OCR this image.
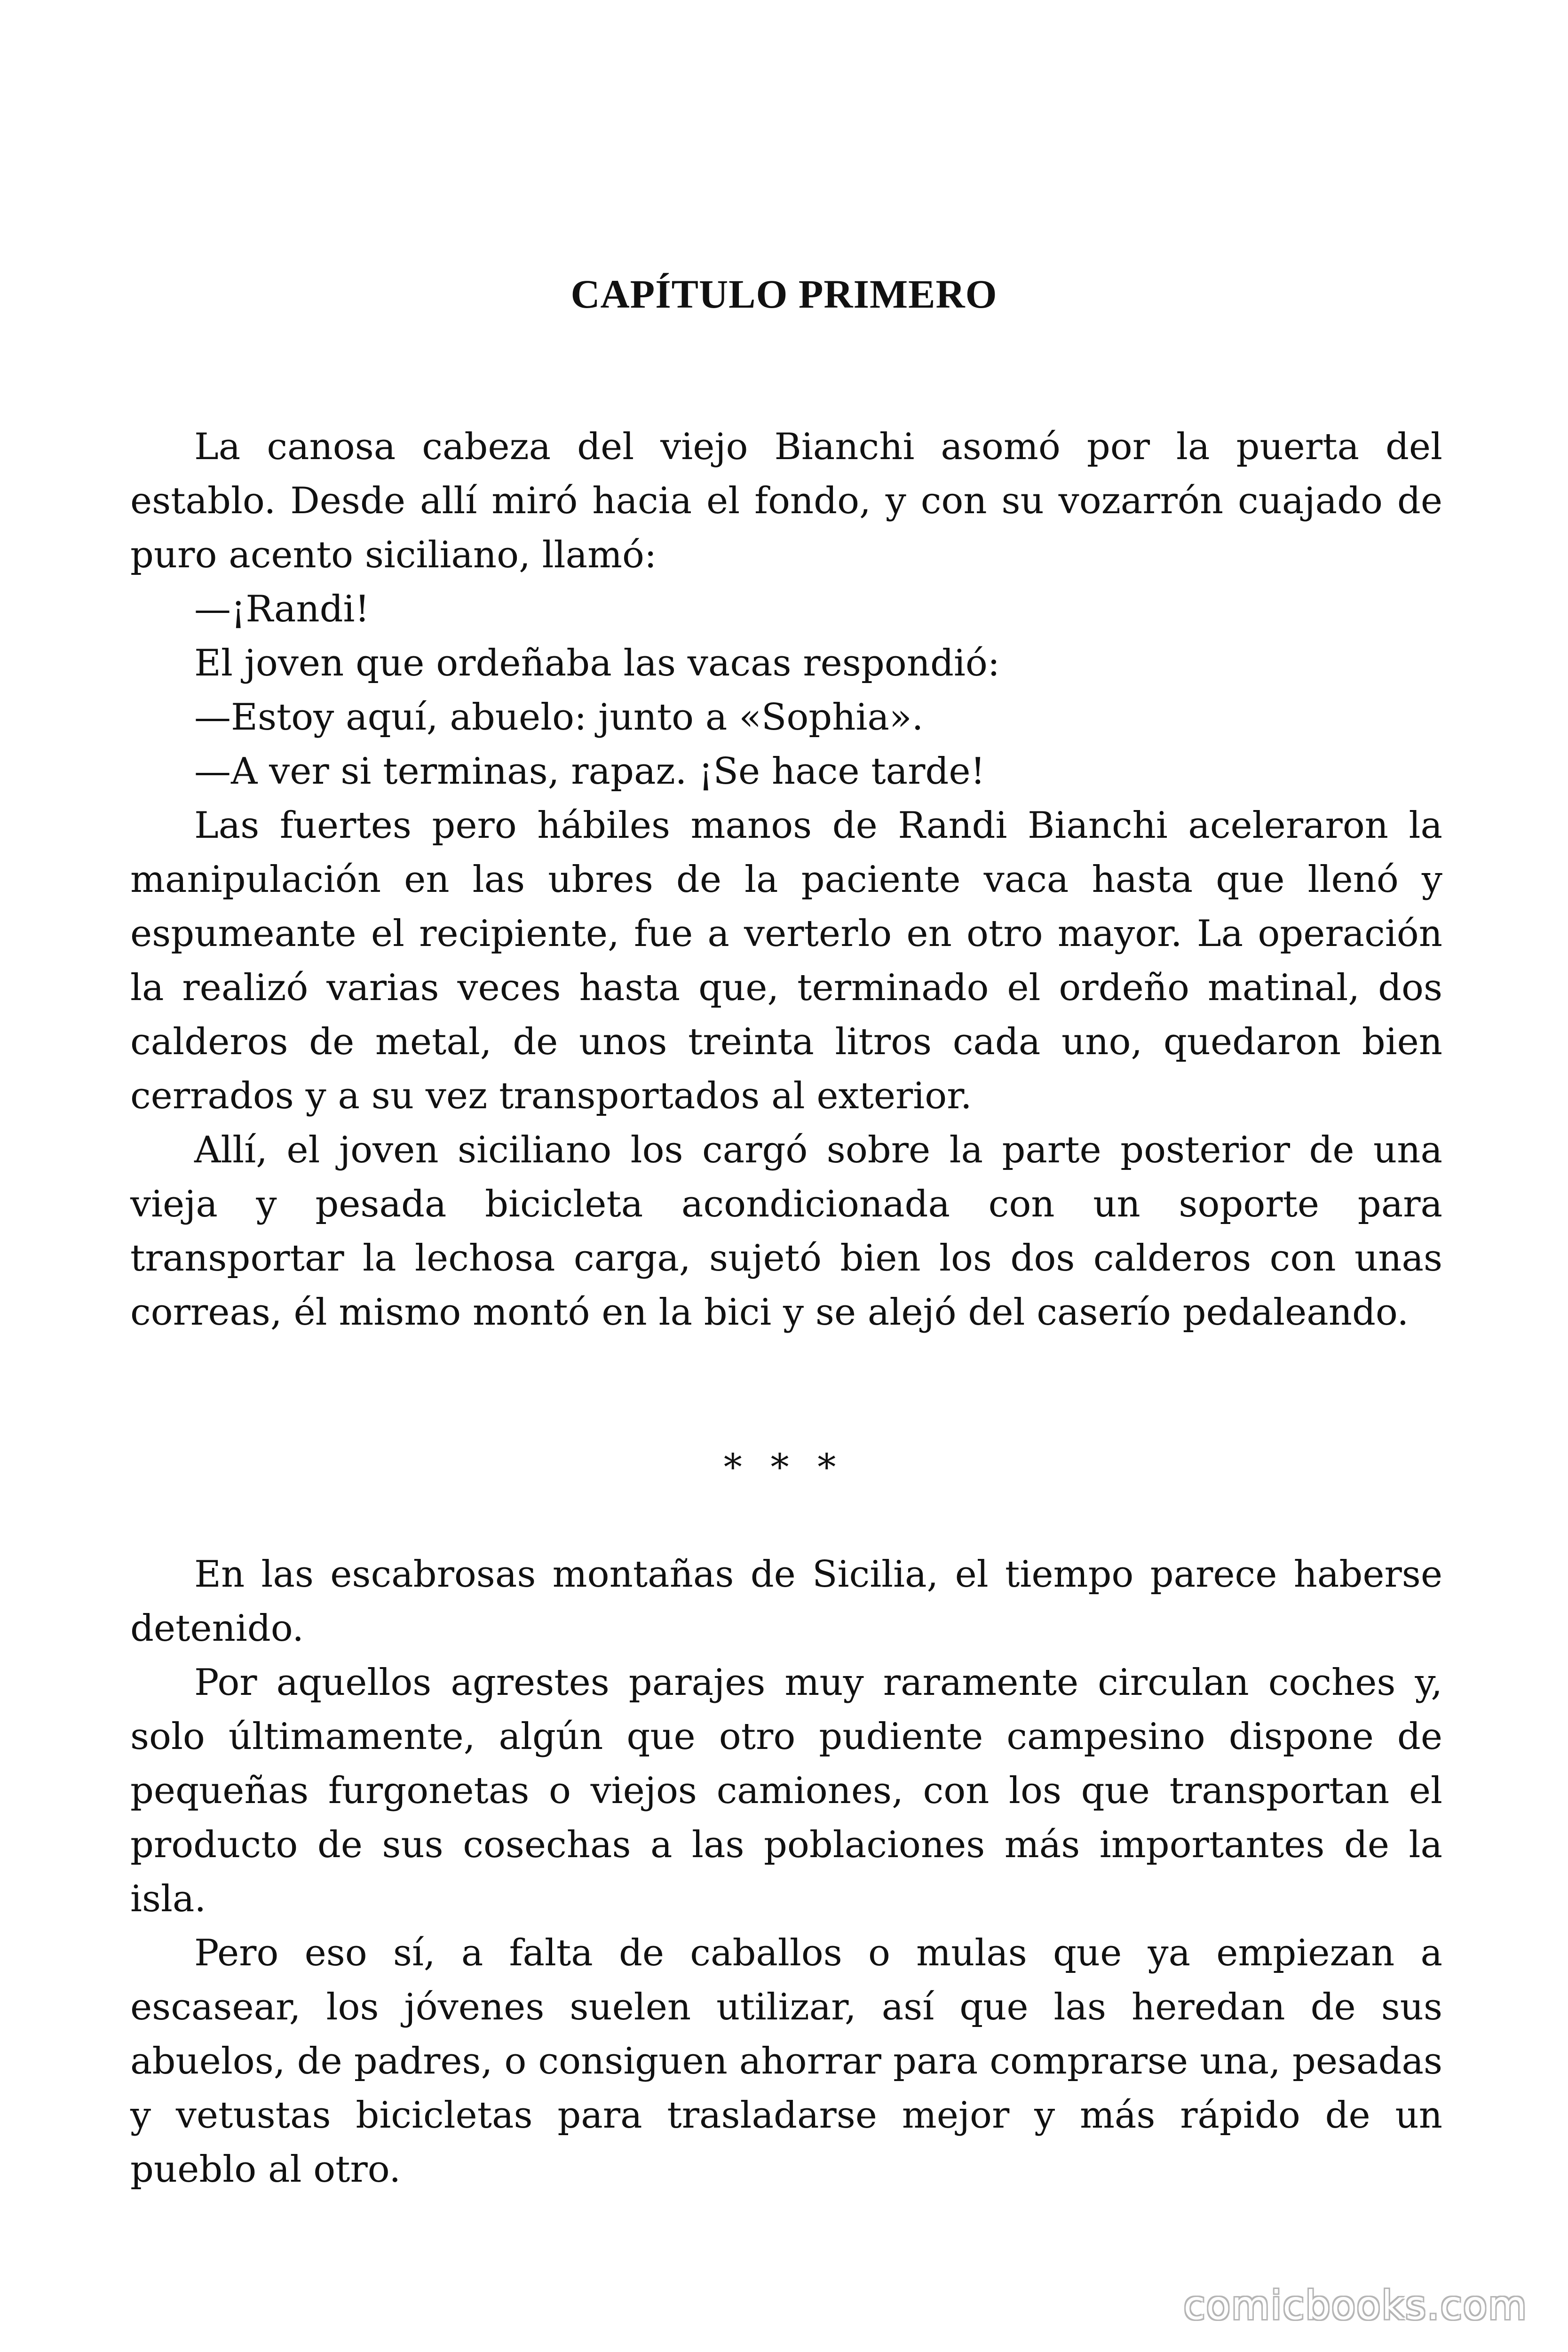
CAPÍTULO PRIMERO

La canosa cabeza del viejo Bianchi asomó por la puerta del establo. Desde allí miró hacia el fondo, y con su vozarrón cuajado de puro acento siciliano, llamó:

—¡Randi!

El joven que ordeñaba las vacas respondió:

—Estoy aquí, abuelo: junto a «Sophia».

—A ver si terminas, rapaz. ¡Se hace tarde!

Las fuertes pero hábiles manos de Randi Bianchi aceleraron la manipulación en las ubres de la paciente vaca hasta que llenó y espumeante el recipiente, fue a verterlo en otro mayor. La operación la realizó varias veces hasta que, terminado el ordeño matinal, dos calderos de metal, de unos treinta litros cada uno, quedaron bien cerrados y a su vez transportados al exterior.

Allí, el joven siciliano los cargó sobre la parte posterior de una vieja y pesada bicicleta acondicionada con un soporte para transportar la lechosa carga, sujetó bien los dos calderos con unas correas, él mismo montó en la bici y se alejó del caserío pedaleando.

* * *

En las escabrosas montañas de Sicilia, el tiempo parece haberse detenido.

Por aquellos agrestes parajes muy raramente circulan coches y, solo últimamente, algún que otro pudiente campesino dispone de pequeñas furgonetas o viejos camiones, con los que transportan el producto de sus cosechas a las poblaciones más importantes de la isla.

Pero eso sí, a falta de caballos o mulas que ya empiezan a escasear, los jóvenes suelen utilizar, así que las heredan de sus abuelos, de padres, o consiguen ahorrar para comprarse una, pesadas y vetustas bicicletas para trasladarse mejor y más rápido de un pueblo al otro.

comicbooks.com
